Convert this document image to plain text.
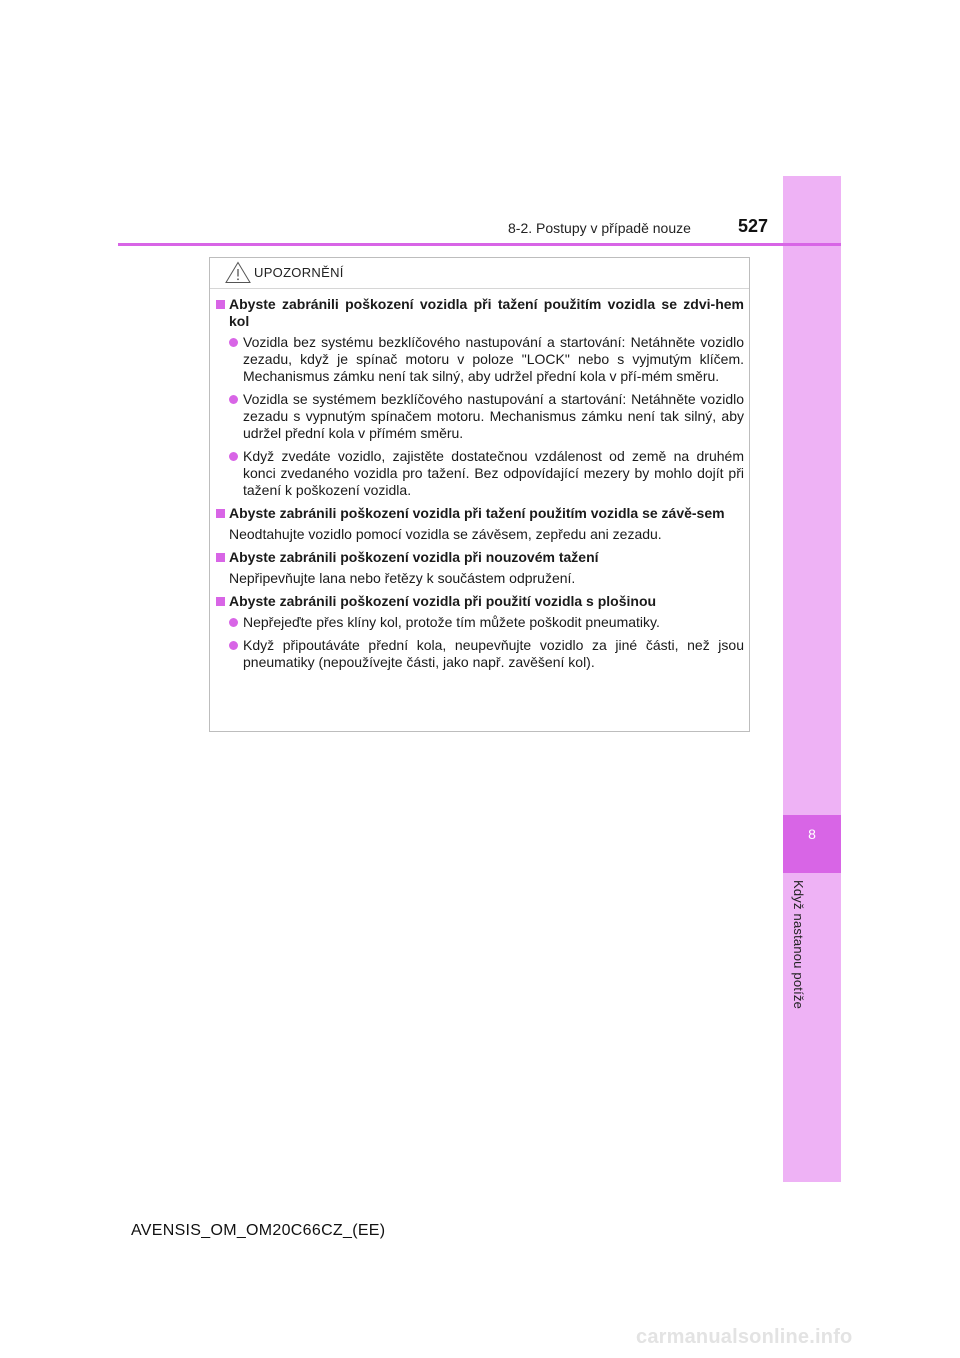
8
Když nastanou potíže
8-2. Postupy v případě nouze	527
UPOZORNĚNÍ
Abyste zabránili poškození vozidla při tažení použitím vozidla se zdvi-hem kol
Vozidla bez systému bezklíčového nastupování a startování: Netáhněte vozidlo zezadu, když je spínač motoru v poloze "LOCK" nebo s vyjmutým klíčem. Mechanismus zámku není tak silný, aby udržel přední kola v pří-mém směru.
Vozidla se systémem bezklíčového nastupování a startování: Netáhněte vozidlo zezadu s vypnutým spínačem motoru. Mechanismus zámku není tak silný, aby udržel přední kola v přímém směru.
Když zvedáte vozidlo, zajistěte dostatečnou vzdálenost od země na druhém konci zvedaného vozidla pro tažení. Bez odpovídající mezery by mohlo dojít při tažení k poškození vozidla.
Abyste zabránili poškození vozidla při tažení použitím vozidla se závě-sem
Neodtahujte vozidlo pomocí vozidla se závěsem, zepředu ani zezadu.
Abyste zabránili poškození vozidla při nouzovém tažení
Nepřipevňujte lana nebo řetězy k součástem odpružení.
Abyste zabránili poškození vozidla při použití vozidla s plošinou
Nepřejeďte přes klíny kol, protože tím můžete poškodit pneumatiky.
Když připoutáváte přední kola, neupevňujte vozidlo za jiné části, než jsou pneumatiky (nepoužívejte části, jako např. zavěšení kol).
AVENSIS_OM_OM20C66CZ_(EE)
carmanualsonline.info
